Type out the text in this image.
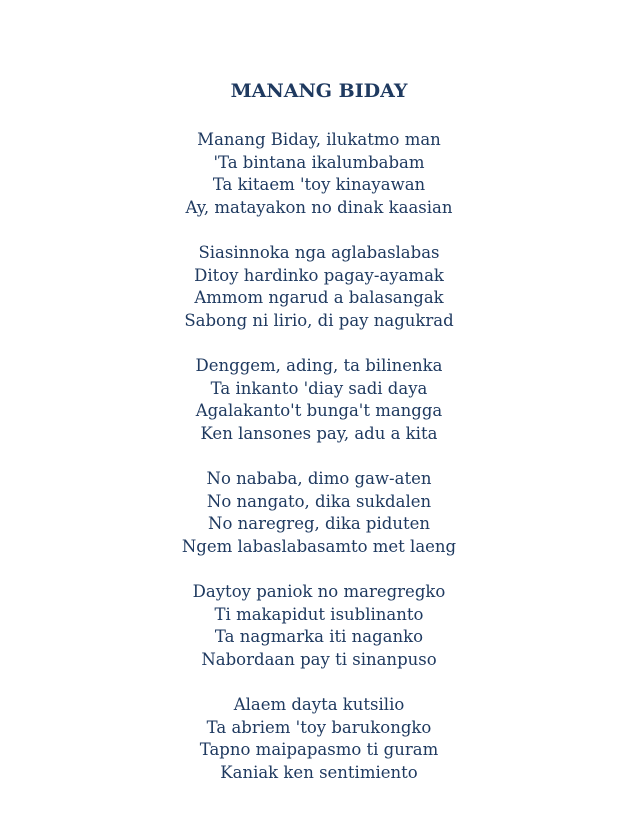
MANANG BIDAY
Manang Biday, ilukatmo man
'Ta bintana ikalumbabam
Ta kitaem 'toy kinayawan
Ay, matayakon no dinak kaasian
Siasinnoka nga aglabaslabas
Ditoy hardinko pagay-ayamak
Ammom ngarud a balasangak
Sabong ni lirio, di pay nagukrad
Denggem, ading, ta bilinenka
Ta inkanto 'diay sadi daya
Agalakanto't bunga't mangga
Ken lansones pay, adu a kita
No nababa, dimo gaw-aten
No nangato, dika sukdalen
No naregreg, dika piduten
Ngem labaslabasamto met laeng
Daytoy paniok no maregregko
Ti makapidut isublinanto
Ta nagmarka iti naganko
Nabordaan pay ti sinanpuso
Alaem dayta kutsilio
Ta abriem 'toy barukongko
Tapno maipapasmo ti guram
Kaniak ken sentimiento
